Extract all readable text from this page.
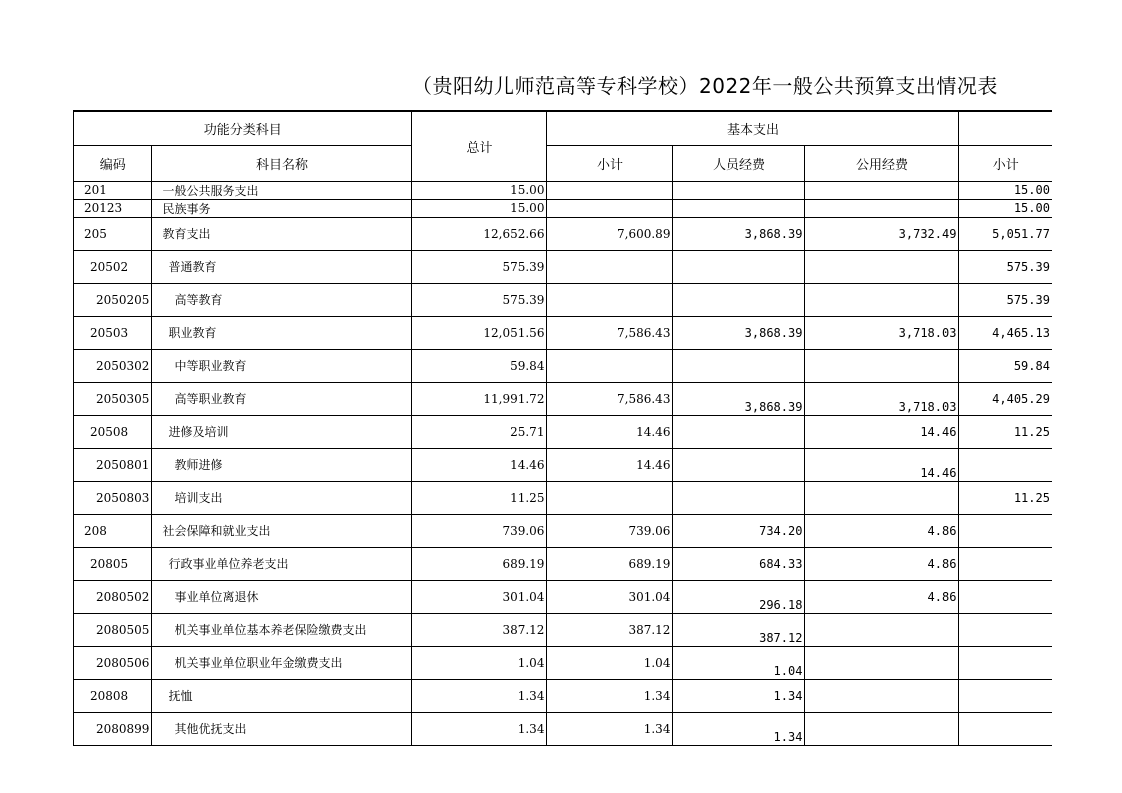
（贵阳幼儿师范高等专科学校）2022年一般公共预算支出情况表
功能分类科目		总计	基本支出			
编码	科目名称		小计	人员经费	公用经费	小计
201	一般公共服务支出	15.00				15.00
20123	民族事务	15.00				15.00
205	教育支出	12,652.66	7,600.89	3,868.39	3,732.49	5,051.77
20502	普通教育	575.39				575.39
2050205	高等教育	575.39				575.39
20503	职业教育	12,051.56	7,586.43	3,868.39	3,718.03	4,465.13
2050302	中等职业教育	59.84				59.84
2050305	高等职业教育	11,991.72	7,586.43	3,868.39	3,718.03	4,405.29
20508	进修及培训	25.71	14.46		14.46	11.25
2050801	教师进修	14.46	14.46		14.46	
2050803	培训支出	11.25				11.25
208	社会保障和就业支出	739.06	739.06	734.20	4.86	
20805	行政事业单位养老支出	689.19	689.19	684.33	4.86	
2080502	事业单位离退休	301.04	301.04	296.18	4.86	
2080505	机关事业单位基本养老保险缴费支出	387.12	387.12	387.12		
2080506	机关事业单位职业年金缴费支出	1.04	1.04	1.04		
20808	抚恤	1.34	1.34	1.34		
2080899	其他优抚支出	1.34	1.34	1.34		
